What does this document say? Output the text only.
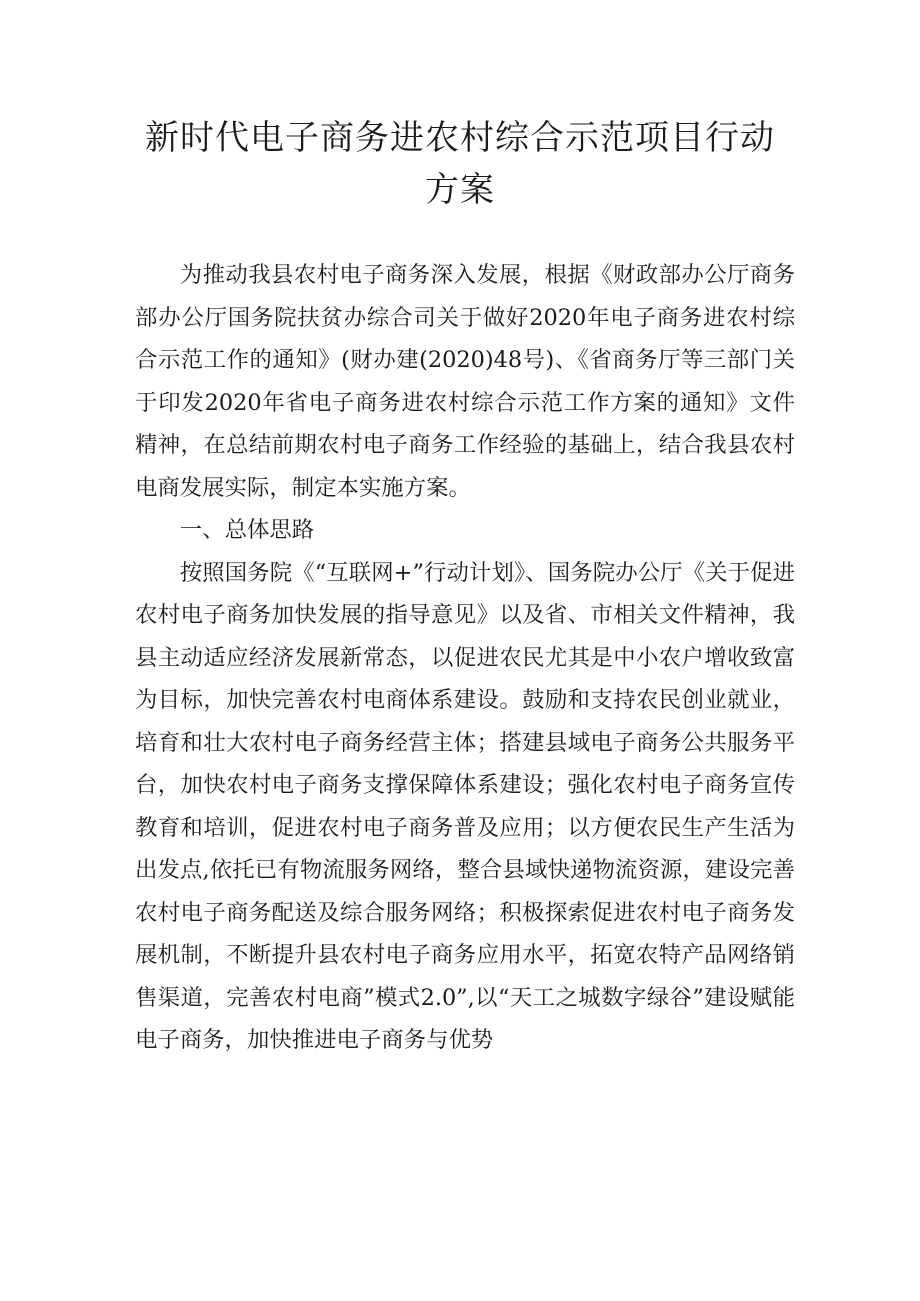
新时代电子商务进农村综合示范项目行动
方案

为推动我县农村电子商务深入发展，根据《财政部办公厅商务部办公厅国务院扶贫办综合司关于做好2020年电子商务进农村综合示范工作的通知》(财办建(2020)48号)、《省商务厅等三部门关于印发2020年省电子商务进农村综合示范工作方案的通知》文件精神，在总结前期农村电子商务工作经验的基础上，结合我县农村电商发展实际，制定本实施方案。

一、总体思路

按照国务院《“互联网+”行动计划》、国务院办公厅《关于促进农村电子商务加快发展的指导意见》以及省、市相关文件精神，我县主动适应经济发展新常态，以促进农民尤其是中小农户增收致富为目标，加快完善农村电商体系建设。鼓励和支持农民创业就业，培育和壮大农村电子商务经营主体；搭建县域电子商务公共服务平台，加快农村电子商务支撑保障体系建设；强化农村电子商务宣传教育和培训，促进农村电子商务普及应用；以方便农民生产生活为出发点,依托已有物流服务网络，整合县域快递物流资源，建设完善农村电子商务配送及综合服务网络；积极探索促进农村电子商务发展机制，不断提升县农村电子商务应用水平，拓宽农特产品网络销售渠道，完善农村电商”模式2.0”,以“天工之城数字绿谷”建设赋能电子商务，加快推进电子商务与优势
